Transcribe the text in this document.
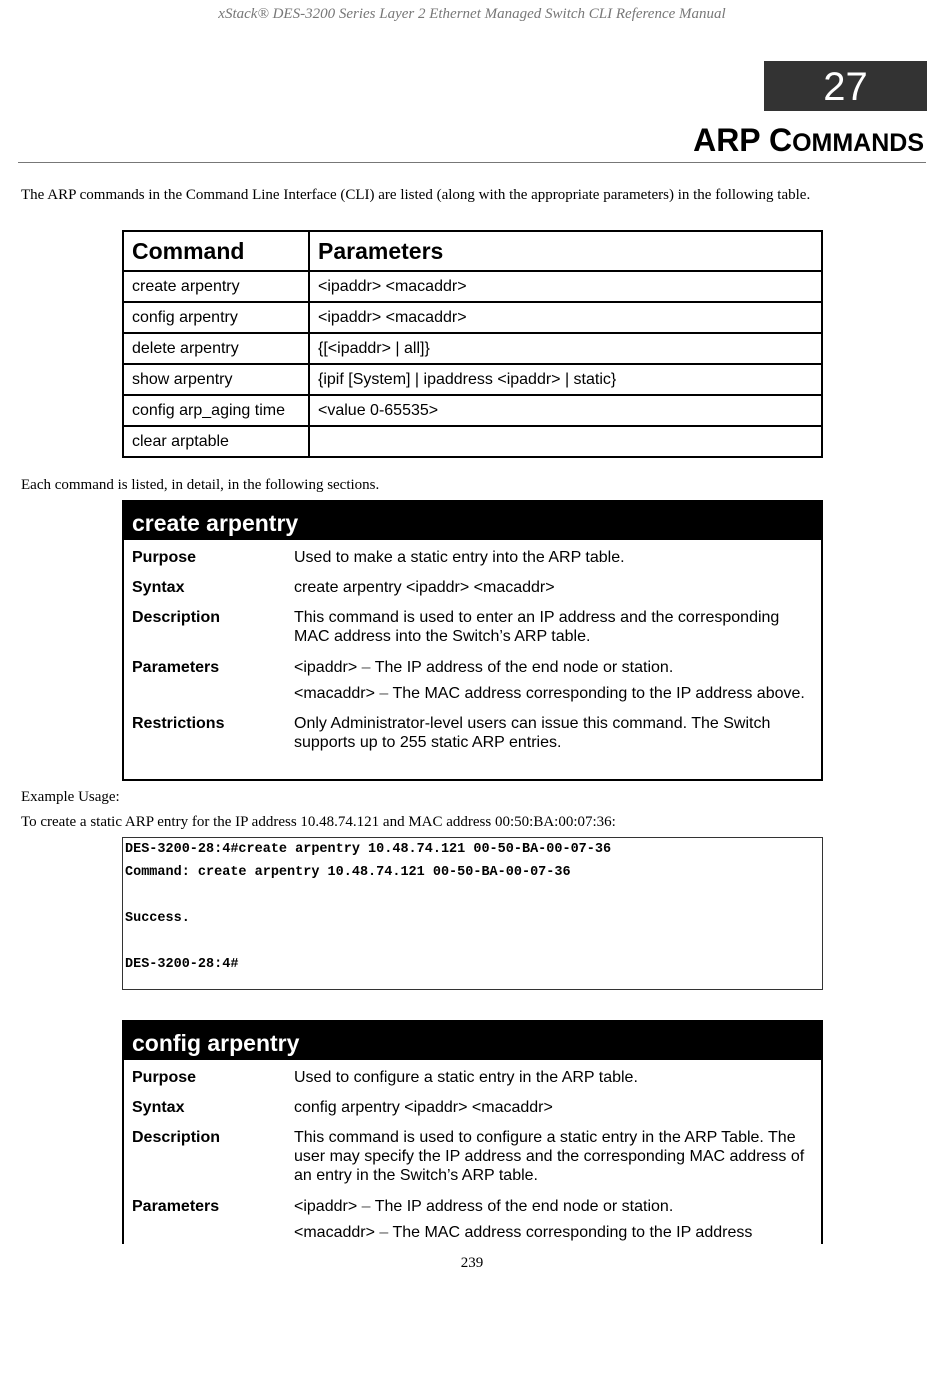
xStack® DES-3200 Series Layer 2 Ethernet Managed Switch CLI Reference Manual
27
ARP COMMANDS
The ARP commands in the Command Line Interface (CLI) are listed (along with the appropriate parameters) in the following table.
Command	Parameters
create arpentry	<ipaddr> <macaddr>
config arpentry	<ipaddr> <macaddr>
delete arpentry	{[<ipaddr> | all]}
show arpentry	{ipif [System] | ipaddress <ipaddr> | static}
config arp_aging time	<value 0-65535>
clear arptable	
Each command is listed, in detail, in the following sections.
create arpentry
Purpose	Used to make a static entry into the ARP table.
Syntax	create arpentry <ipaddr> <macaddr>
Description	This command is used to enter an IP address and the corresponding MAC address into the Switch’s ARP table.
Parameters	<ipaddr> – The IP address of the end node or station.

<macaddr> – The MAC address corresponding to the IP address above.

Restrictions	Only Administrator-level users can issue this command. The Switch supports up to 255 static ARP entries.
Example Usage:
To create a static ARP entry for the IP address 10.48.74.121 and MAC address 00:50:BA:00:07:36:
DES-3200-28:4#create arpentry 10.48.74.121 00-50-BA-00-07-36
Command: create arpentry 10.48.74.121 00-50-BA-00-07-36
Success.
DES-3200-28:4#
config arpentry
Purpose	Used to configure a static entry in the ARP table.
Syntax	config arpentry <ipaddr> <macaddr>
Description	This command is used to configure a static entry in the ARP Table. The user may specify the IP address and the corresponding MAC address of an entry in the Switch’s ARP table.
Parameters	<ipaddr> – The IP address of the end node or station.

<macaddr> – The MAC address corresponding to the IP address

239
